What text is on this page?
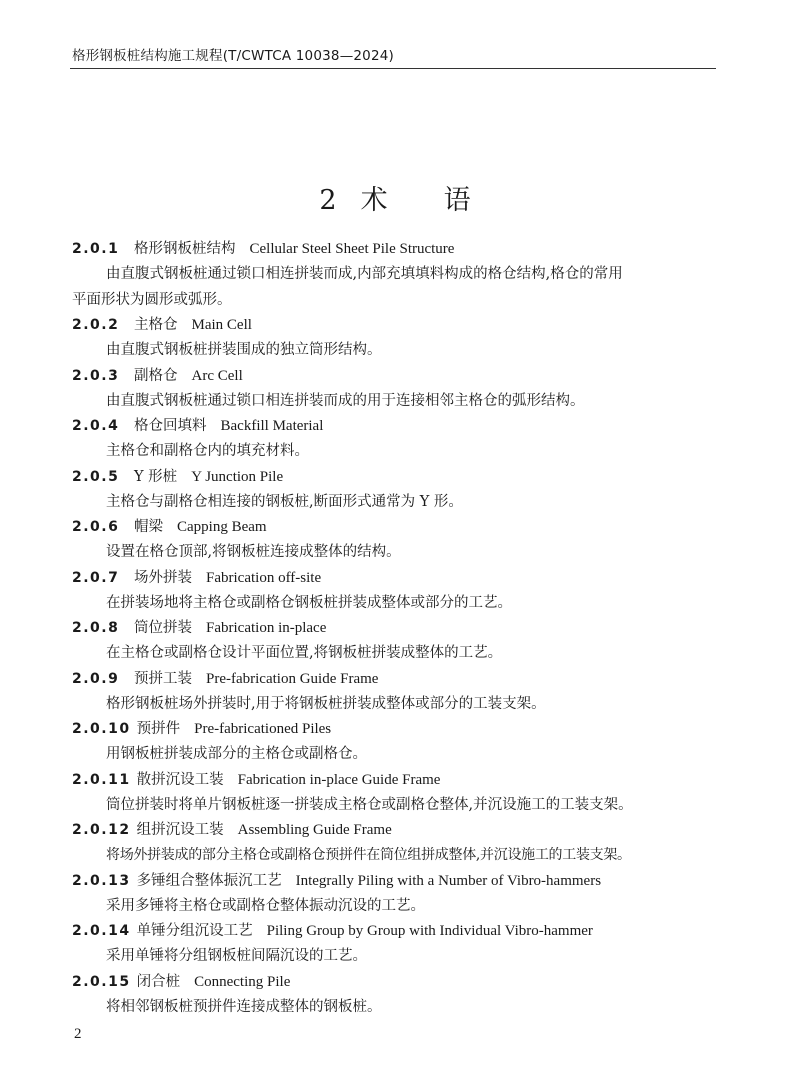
格形钢板桩结构施工规程(T/CWTCA 10038—2024)
2 术 语
2.0.1 格形钢板桩结构 Cellular Steel Sheet Pile Structure
由直腹式钢板桩通过锁口相连拼装而成,内部充填填料构成的格仓结构,格仓的常用
平面形状为圆形或弧形。
2.0.2 主格仓 Main Cell
由直腹式钢板桩拼装围成的独立筒形结构。
2.0.3 副格仓 Arc Cell
由直腹式钢板桩通过锁口相连拼装而成的用于连接相邻主格仓的弧形结构。
2.0.4 格仓回填料 Backfill Material
主格仓和副格仓内的填充材料。
2.0.5 Y 形桩 Y Junction Pile
主格仓与副格仓相连接的钢板桩,断面形式通常为 Y 形。
2.0.6 帽梁 Capping Beam
设置在格仓顶部,将钢板桩连接成整体的结构。
2.0.7 场外拼装 Fabrication off-site
在拼装场地将主格仓或副格仓钢板桩拼装成整体或部分的工艺。
2.0.8 筒位拼装 Fabrication in-place
在主格仓或副格仓设计平面位置,将钢板桩拼装成整体的工艺。
2.0.9 预拼工装 Pre-fabrication Guide Frame
格形钢板桩场外拼装时,用于将钢板桩拼装成整体或部分的工装支架。
2.0.10 预拼件 Pre-fabricationed Piles
用钢板桩拼装成部分的主格仓或副格仓。
2.0.11 散拼沉设工装 Fabrication in-place Guide Frame
筒位拼装时将单片钢板桩逐一拼装成主格仓或副格仓整体,并沉设施工的工装支架。
2.0.12 组拼沉设工装 Assembling Guide Frame
将场外拼装成的部分主格仓或副格仓预拼件在筒位组拼成整体,并沉设施工的工装支架。
2.0.13 多锤组合整体振沉工艺 Integrally Piling with a Number of Vibro-hammers
采用多锤将主格仓或副格仓整体振动沉设的工艺。
2.0.14 单锤分组沉设工艺 Piling Group by Group with Individual Vibro-hammer
采用单锤将分组钢板桩间隔沉设的工艺。
2.0.15 闭合桩 Connecting Pile
将相邻钢板桩预拼件连接成整体的钢板桩。
2
